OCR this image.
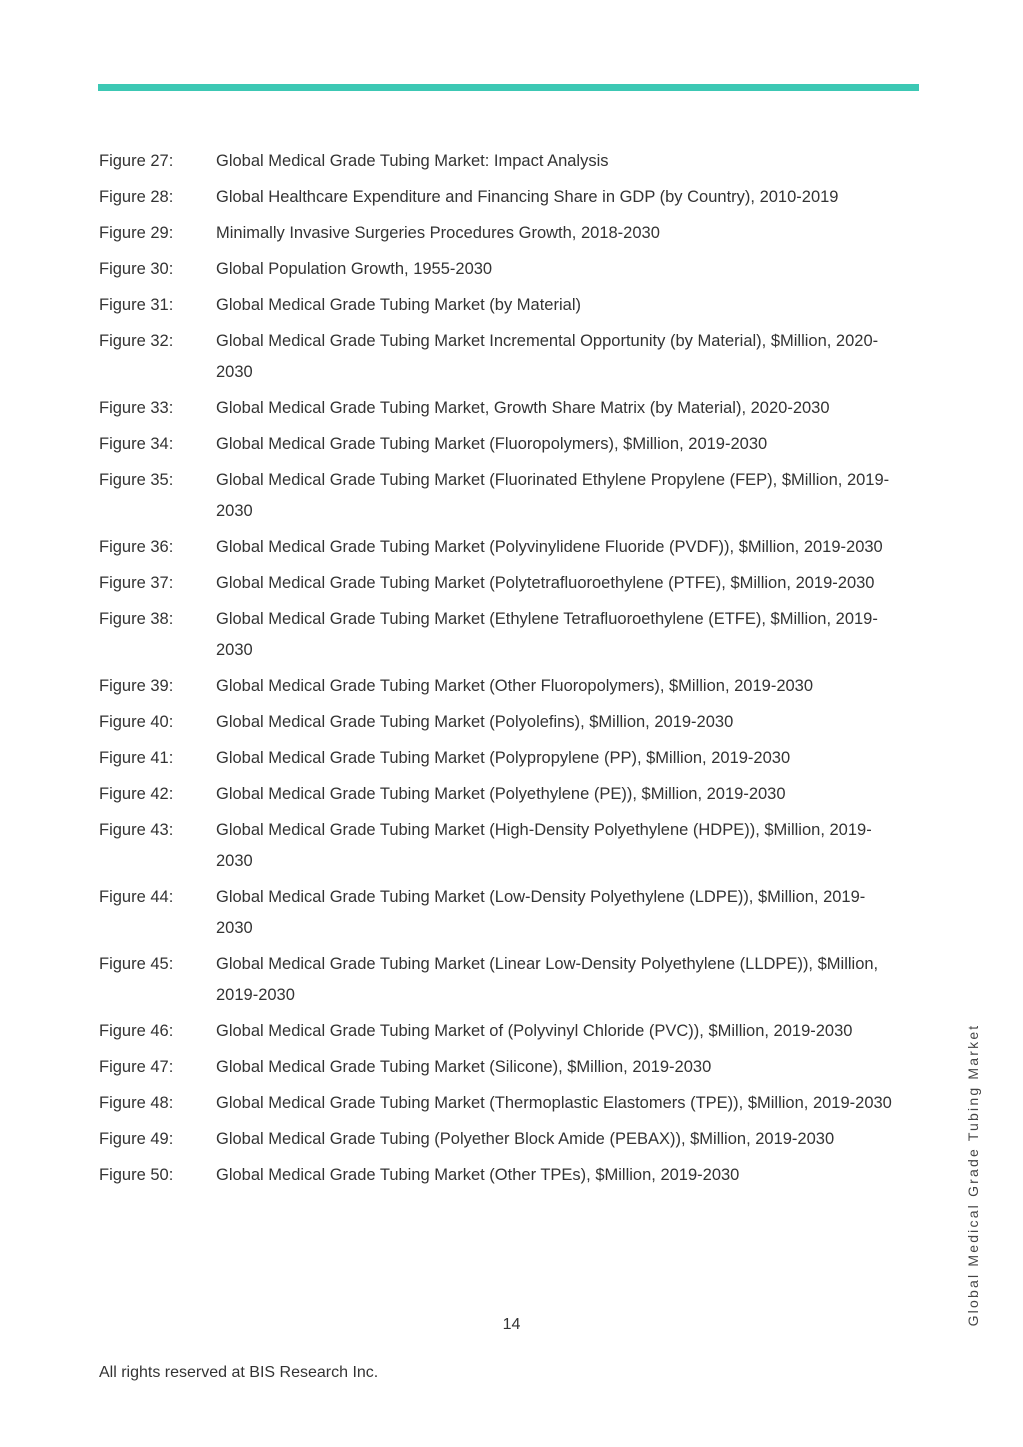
Figure 27:	Global Medical Grade Tubing Market: Impact Analysis
Figure 28:	Global Healthcare Expenditure and Financing Share in GDP (by Country), 2010-2019
Figure 29:	Minimally Invasive Surgeries Procedures Growth, 2018-2030
Figure 30:	Global Population Growth, 1955-2030
Figure 31:	Global Medical Grade Tubing Market (by Material)
Figure 32:	Global Medical Grade Tubing Market Incremental Opportunity (by Material), $Million, 2020-2030
Figure 33:	Global Medical Grade Tubing Market, Growth Share Matrix (by Material), 2020-2030
Figure 34:	Global Medical Grade Tubing Market (Fluoropolymers), $Million, 2019-2030
Figure 35:	Global Medical Grade Tubing Market (Fluorinated Ethylene Propylene (FEP), $Million, 2019-2030
Figure 36:	Global Medical Grade Tubing Market (Polyvinylidene Fluoride (PVDF)), $Million, 2019-2030
Figure 37:	Global Medical Grade Tubing Market (Polytetrafluoroethylene (PTFE), $Million, 2019-2030
Figure 38:	Global Medical Grade Tubing Market (Ethylene Tetrafluoroethylene (ETFE), $Million, 2019-2030
Figure 39:	Global Medical Grade Tubing Market (Other Fluoropolymers), $Million, 2019-2030
Figure 40:	Global Medical Grade Tubing Market (Polyolefins), $Million, 2019-2030
Figure 41:	Global Medical Grade Tubing Market (Polypropylene (PP), $Million, 2019-2030
Figure 42:	Global Medical Grade Tubing Market (Polyethylene (PE)), $Million, 2019-2030
Figure 43:	Global Medical Grade Tubing Market (High-Density Polyethylene (HDPE)), $Million, 2019-2030
Figure 44:	Global Medical Grade Tubing Market (Low-Density Polyethylene (LDPE)), $Million, 2019-2030
Figure 45:	Global Medical Grade Tubing Market (Linear Low-Density Polyethylene (LLDPE)), $Million, 2019-2030
Figure 46:	Global Medical Grade Tubing Market of (Polyvinyl Chloride (PVC)), $Million, 2019-2030
Figure 47:	Global Medical Grade Tubing Market (Silicone), $Million, 2019-2030
Figure 48:	Global Medical Grade Tubing Market (Thermoplastic Elastomers (TPE)), $Million, 2019-2030
Figure 49:	Global Medical Grade Tubing (Polyether Block Amide (PEBAX)), $Million, 2019-2030
Figure 50:	Global Medical Grade Tubing Market (Other TPEs), $Million, 2019-2030
14
All rights reserved at BIS Research Inc.
Global Medical Grade Tubing Market
